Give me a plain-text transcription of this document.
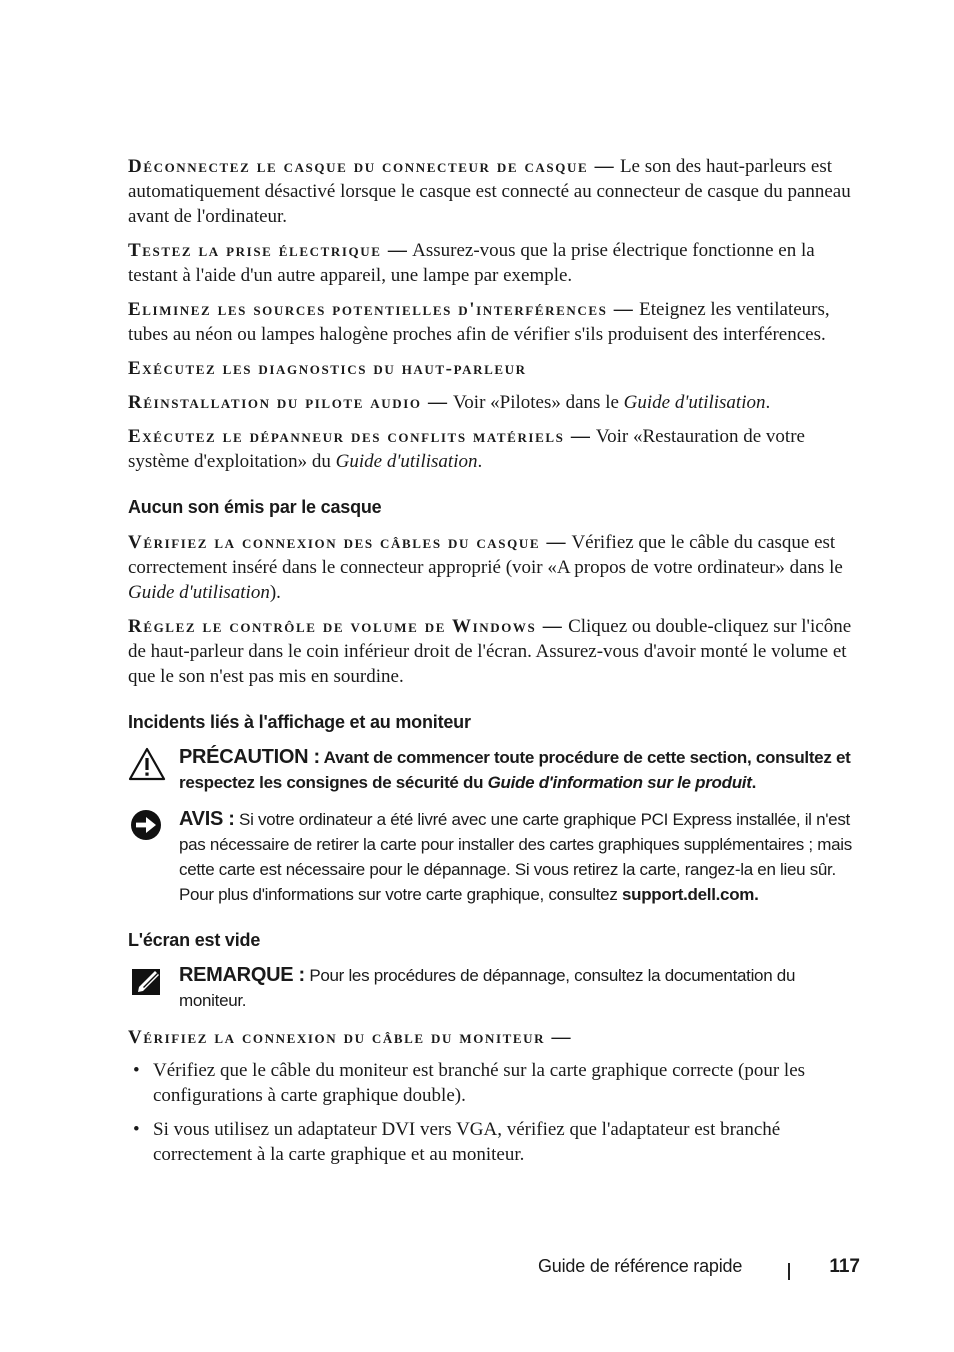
Déconnectez le casque du connecteur de casque — Le son des haut-parleurs est automatiquement désactivé lorsque le casque est connecté au connecteur de casque du panneau avant de l'ordinateur.

Testez la prise électrique — Assurez-vous que la prise électrique fonctionne en la testant à l'aide d'un autre appareil, une lampe par exemple.

Eliminez les sources potentielles d'interférences — Eteignez les ventilateurs, tubes au néon ou lampes halogène proches afin de vérifier s'ils produisent des interférences.

Exécutez les diagnostics du haut-parleur

Réinstallation du pilote audio — Voir «Pilotes» dans le Guide d'utilisation.

Exécutez le dépanneur des conflits matériels — Voir «Restauration de votre système d'exploitation» du Guide d'utilisation.

Aucun son émis par le casque

Vérifiez la connexion des câbles du casque — Vérifiez que le câble du casque est correctement inséré dans le connecteur approprié (voir «A propos de votre ordinateur» dans le Guide d'utilisation).

Réglez le contrôle de volume de Windows — Cliquez ou double-cliquez sur l'icône de haut-parleur dans le coin inférieur droit de l'écran. Assurez-vous d'avoir monté le volume et que le son n'est pas mis en sourdine.

Incidents liés à l'affichage et au moniteur
PRÉCAUTION : Avant de commencer toute procédure de cette section, consultez et respectez les consignes de sécurité du Guide d'information sur le produit.
AVIS : Si votre ordinateur a été livré avec une carte graphique PCI Express installée, il n'est pas nécessaire de retirer la carte pour installer des cartes graphiques supplémentaires ; mais cette carte est nécessaire pour le dépannage. Si vous retirez la carte, rangez-la en lieu sûr. Pour plus d'informations sur votre carte graphique, consultez support.dell.com.
L'écran est vide
REMARQUE : Pour les procédures de dépannage, consultez la documentation du moniteur.

Vérifiez la connexion du câble du moniteur —

• Vérifiez que le câble du moniteur est branché sur la carte graphique correcte (pour les configurations à carte graphique double).
• Si vous utilisez un adaptateur DVI vers VGA, vérifiez que l'adaptateur est branché correctement à la carte graphique et au moniteur.
Guide de référence rapide	117
